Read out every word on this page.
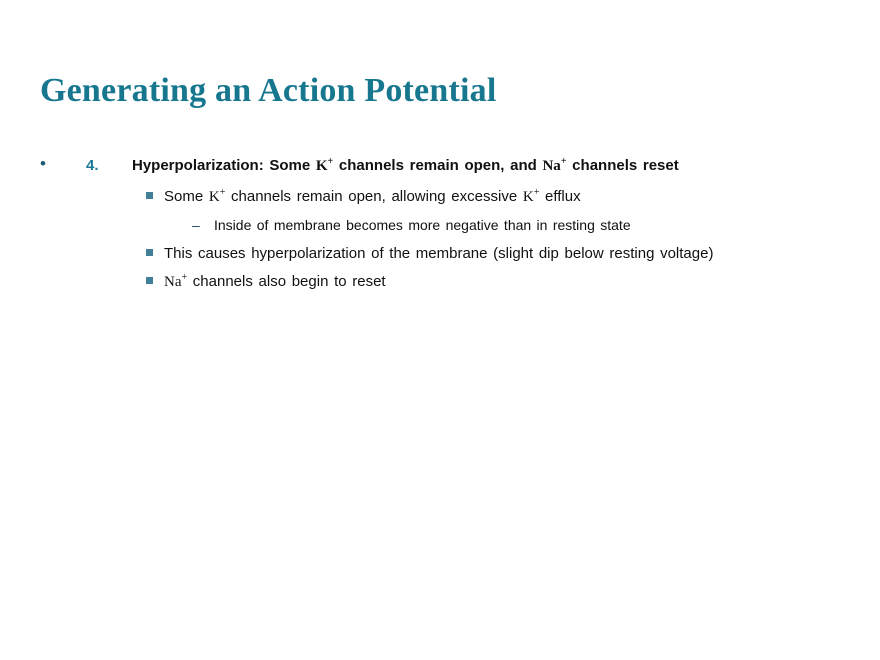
Generating an Action Potential
•	4.	Hyperpolarization: Some K+ channels remain open, and Na+ channels reset
Some K+ channels remain open, allowing excessive K+ efflux
–	Inside of membrane becomes more negative than in resting state
This causes hyperpolarization of the membrane (slight dip below resting voltage)
Na+ channels also begin to reset
